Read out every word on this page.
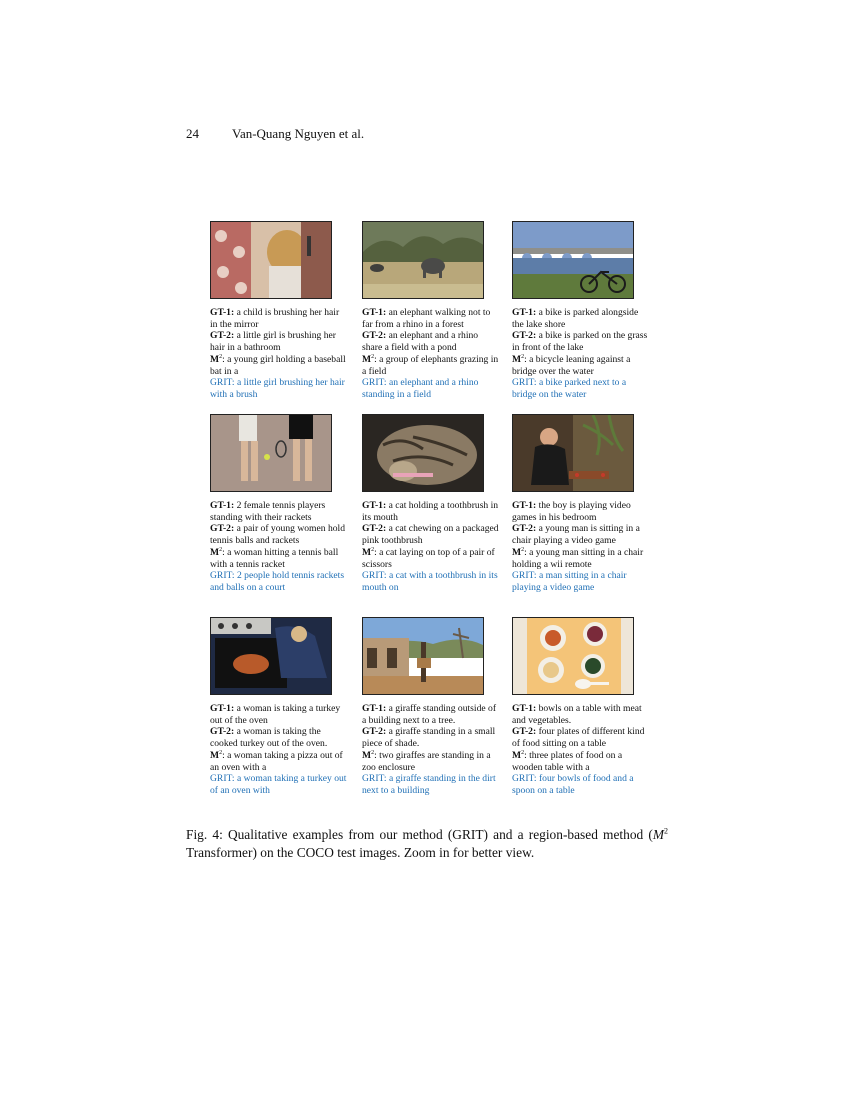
24	Van-Quang Nguyen et al.
GT-1: a child is brushing her hair in the mirror
GT-2: a little girl is brushing her hair in a bathroom
$M^2$: a young girl holding a baseball bat in a
GRIT: a little girl brushing her hair with a brush
GT-1: an elephant walking not to far from a rhino in a forest
GT-2: an elephant and a rhino share a field with a pond
$M^2$: a group of elephants grazing in a field
GRIT: an elephant and a rhino standing in a field
GT-1: a bike is parked alongside the lake shore
GT-2: a bike is parked on the grass in front of the lake
$M^2$: a bicycle leaning against a bridge over the water
GRIT: a bike parked next to a bridge on the water
GT-1: 2 female tennis players standing with their rackets
GT-2: a pair of young women hold tennis balls and rackets
$M^2$: a woman hitting a tennis ball with a tennis racket
GRIT: 2 people hold tennis rackets and balls on a court
GT-1: a cat holding a toothbrush in its mouth
GT-2: a cat chewing on a packaged pink toothbrush
$M^2$: a cat laying on top of a pair of scissors
GRIT: a cat with a toothbrush in its mouth on
GT-1: the boy is playing video games in his bedroom
GT-2: a young man is sitting in a chair playing a video game
$M^2$: a young man sitting in a chair holding a wii remote
GRIT: a man sitting in a chair playing a video game
GT-1: a woman is taking a turkey out of the oven
GT-2: a woman is taking the cooked turkey out of the oven.
$M^2$: a woman taking a pizza out of an oven with a
GRIT: a woman taking a turkey out of an oven with
GT-1: a giraffe standing outside of a building next to a tree.
GT-2: a giraffe standing in a small piece of shade.
$M^2$: two giraffes are standing in a zoo enclosure
GRIT: a giraffe standing in the dirt next to a building
GT-1: bowls on a table with meat and vegetables.
GT-2: four plates of different kind of food sitting on a table
$M^2$: three plates of food on a wooden table with a
GRIT: four bowls of food and a spoon on a table
Fig. 4: Qualitative examples from our method (GRIT) and a region-based method ($M^2$ Transformer) on the COCO test images. Zoom in for better view.
